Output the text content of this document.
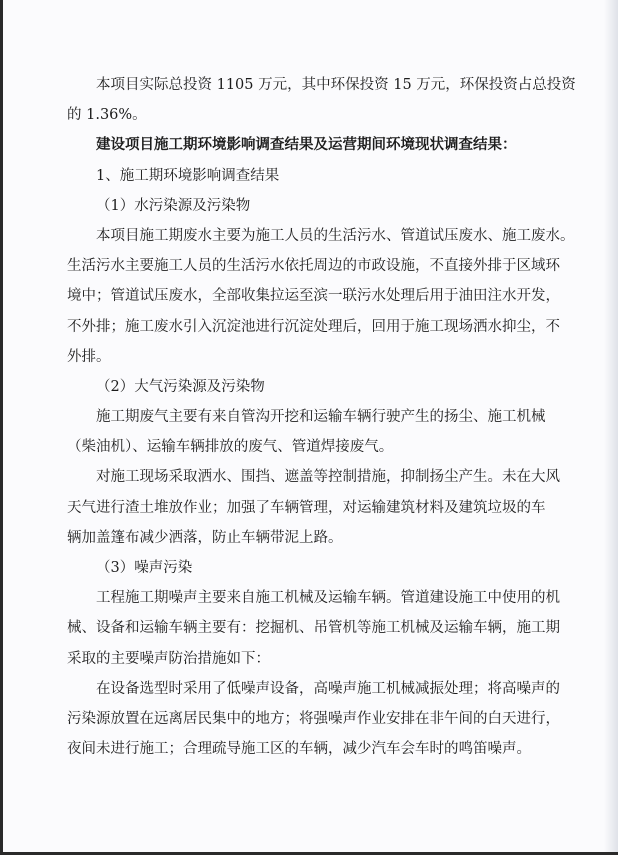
本项目实际总投资 1105 万元，其中环保投资 15 万元，环保投资占总投资
的 1.36%。
建设项目施工期环境影响调查结果及运营期间环境现状调查结果：
1、施工期环境影响调查结果
（1）水污染源及污染物
本项目施工期废水主要为施工人员的生活污水、管道试压废水、施工废水。
生活污水主要施工人员的生活污水依托周边的市政设施，不直接外排于区域环
境中；管道试压废水，全部收集拉运至滨一联污水处理后用于油田注水开发，
不外排；施工废水引入沉淀池进行沉淀处理后，回用于施工现场洒水抑尘，不
外排。
（2）大气污染源及污染物
施工期废气主要有来自管沟开挖和运输车辆行驶产生的扬尘、施工机械
（柴油机）、运输车辆排放的废气、管道焊接废气。
对施工现场采取洒水、围挡、遮盖等控制措施，抑制扬尘产生。未在大风
天气进行渣土堆放作业；加强了车辆管理，对运输建筑材料及建筑垃圾的车
辆加盖篷布减少洒落，防止车辆带泥上路。
（3）噪声污染
工程施工期噪声主要来自施工机械及运输车辆。管道建设施工中使用的机
械、设备和运输车辆主要有：挖掘机、吊管机等施工机械及运输车辆，施工期
采取的主要噪声防治措施如下：
在设备选型时采用了低噪声设备，高噪声施工机械减振处理；将高噪声的
污染源放置在远离居民集中的地方；将强噪声作业安排在非午间的白天进行，
夜间未进行施工；合理疏导施工区的车辆，减少汽车会车时的鸣笛噪声。
